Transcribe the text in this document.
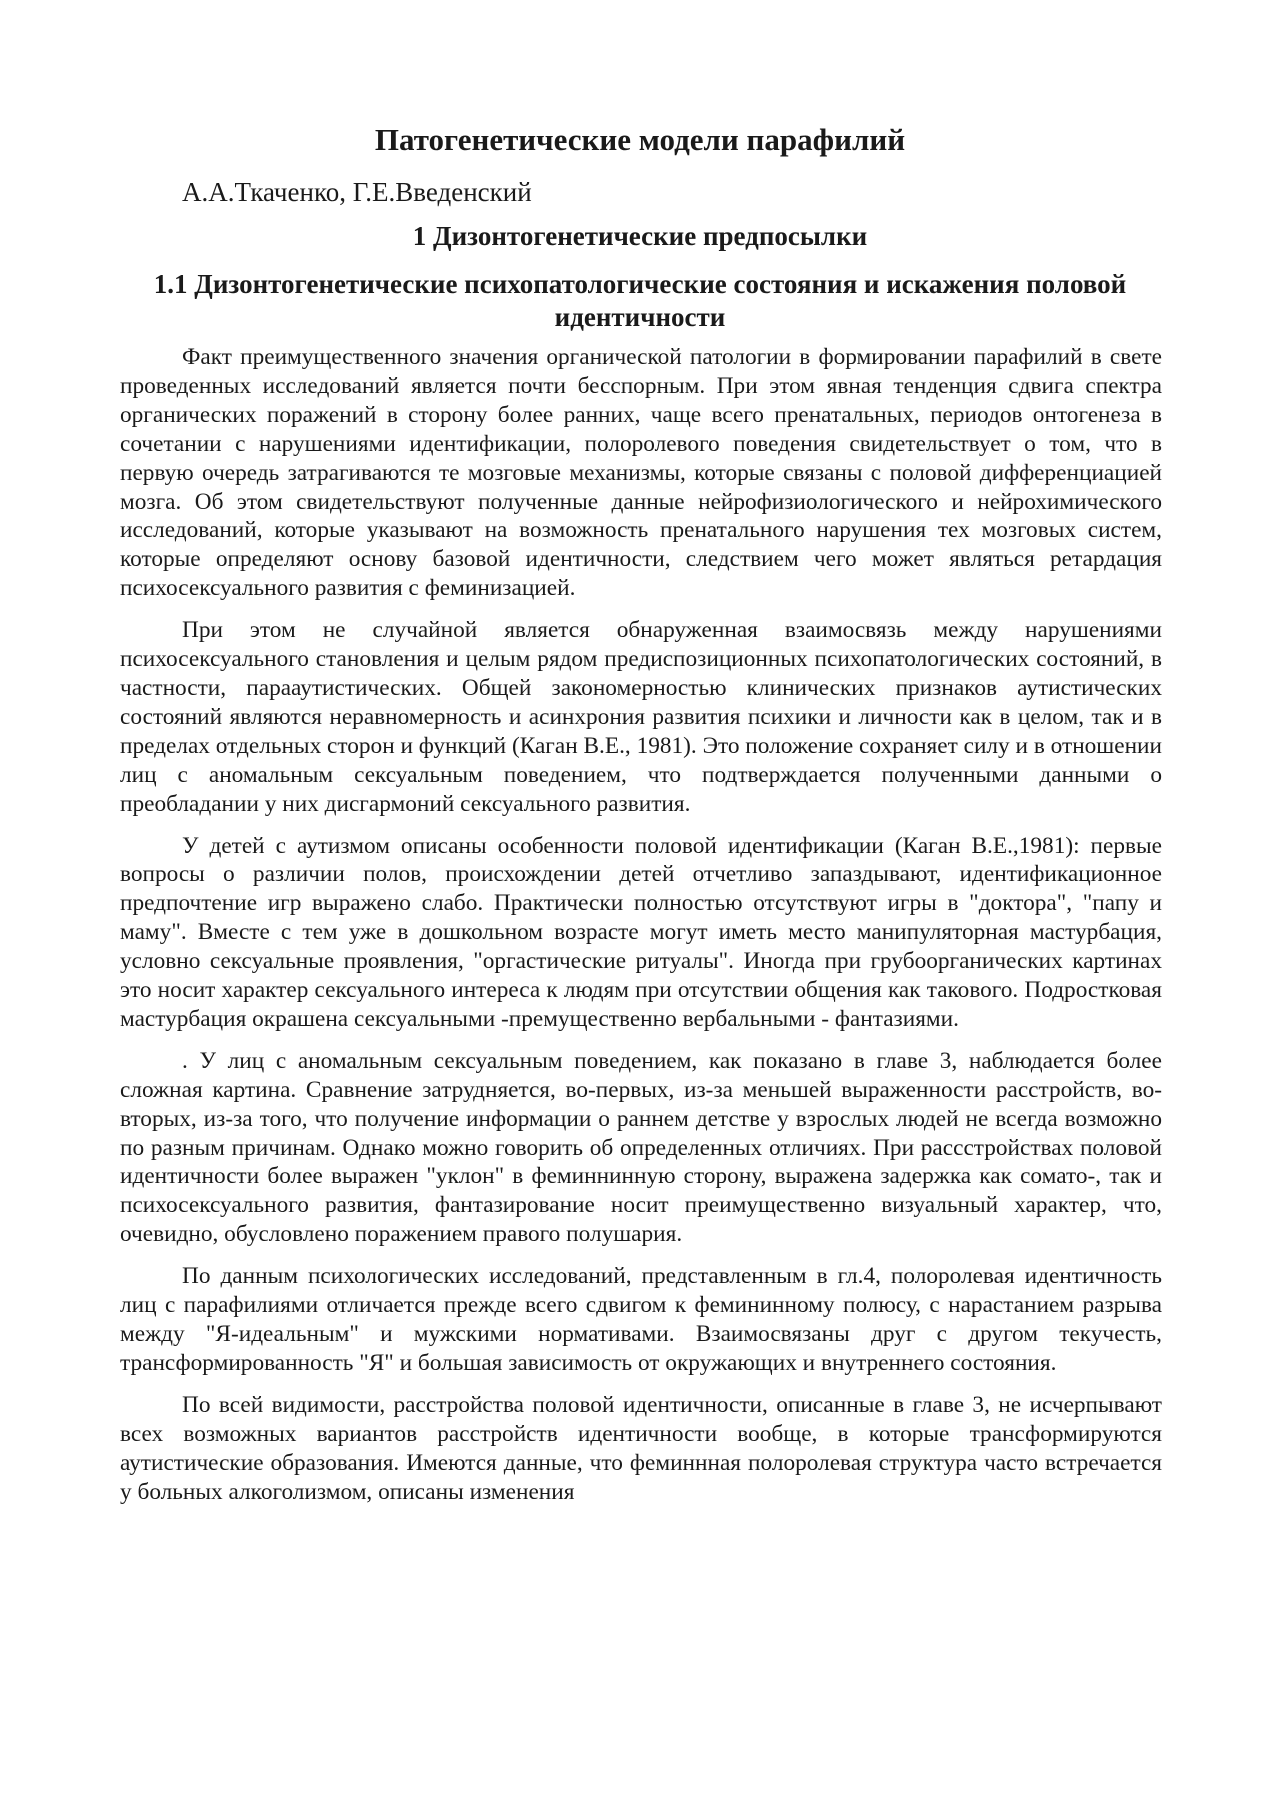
Патогенетические модели парафилий

А.А.Ткаченко, Г.Е.Введенский

1 Дизонтогенетические предпосылки
1.1 Дизонтогенетические психопатологические состояния и искажения половой идентичности

Факт преимущественного значения органической патологии в формировании парафилий в свете проведенных исследований является почти бесспорным. При этом явная тенденция сдвига спектра органических поражений в сторону более ранних, чаще всего пренатальных, периодов онтогенеза в сочетании с нарушениями идентификации, полоролевого поведения свидетельствует о том, что в первую очередь затрагиваются те мозговые механизмы, которые связаны с половой дифференциацией мозга. Об этом свидетельствуют полученные данные нейрофизиологического и нейрохимического исследований, которые указывают на возможность пренатального нарушения тех мозговых систем, которые определяют основу базовой идентичности, следствием чего может являться ретардация психосексуального развития с феминизацией.

При этом не случайной является обнаруженная взаимосвязь между нарушениями психосексуального становления и целым рядом предиспозиционных психопатологических состояний, в частности, парааутистических. Общей закономерностью клинических признаков аутистических состояний являются неравномерность и асинхрония развития психики и личности как в целом, так и в пределах отдельных сторон и функций (Каган В.Е., 1981). Это положение сохраняет силу и в отношении лиц с аномальным сексуальным поведением, что подтверждается полученными данными о преобладании у них дисгармоний сексуального развития.

У детей с аутизмом описаны особенности половой идентификации (Каган В.Е.,1981): первые вопросы о различии полов, происхождении детей отчетливо запаздывают, идентификационное предпочтение игр выражено слабо. Практически полностью отсутствуют игры в "доктора", "папу и маму". Вместе с тем уже в дошкольном возрасте могут иметь место манипуляторная мастурбация, условно сексуальные проявления, "оргастические ритуалы". Иногда при грубоорганических картинах это носит характер сексуального интереса к людям при отсутствии общения как такового. Подростковая мастурбация окрашена сексуальными -премущественно вербальными - фантазиями.

. У лиц с аномальным сексуальным поведением, как показано в главе 3, наблюдается более сложная картина. Сравнение затрудняется, во-первых, из-за меньшей выраженности расстройств, во-вторых, из-за того, что получение информации о раннем детстве у взрослых людей не всегда возможно по разным причинам. Однако можно говорить об определенных отличиях. При рассстройствах половой идентичности более выражен "уклон" в феминнинную сторону, выражена задержка как сомато-, так и психосексуального развития, фантазирование носит преимущественно визуальный характер, что, очевидно, обусловлено поражением правого полушария.

По данным психологических исследований, представленным в гл.4, полоролевая идентичность лиц с парафилиями отличается прежде всего сдвигом к фемининному полюсу, с нарастанием разрыва между "Я-идеальным" и мужскими нормативами. Взаимосвязаны друг с другом текучесть, трансформированность "Я" и большая зависимость от окружающих и внутреннего состояния.

По всей видимости, расстройства половой идентичности, описанные в главе 3, не исчерпывают всех возможных вариантов расстройств идентичности вообще, в которые трансформируются аутистические образования. Имеются данные, что феминнная полоролевая структура часто встречается у больных алкоголизмом, описаны изменения
